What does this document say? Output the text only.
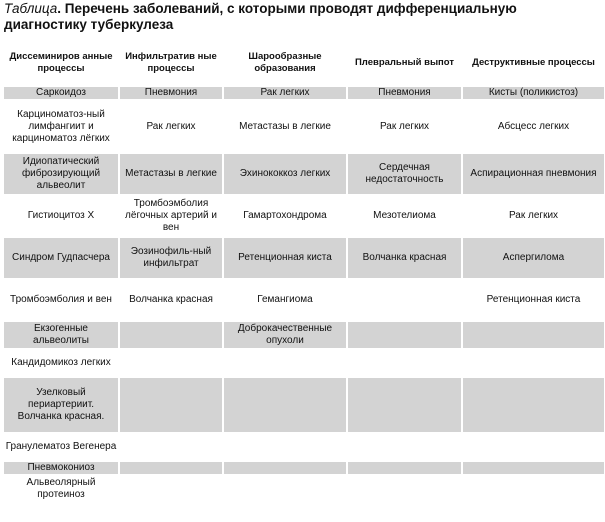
Таблица. Перечень заболеваний, с которыми проводят дифференциальную диагностику туберкулеза
Диссеминиров анные процессы	Инфильтратив ные процессы	Шарообразные образования	Плевральный выпот	Деструктивные процессы
Саркоидоз	Пневмония	Рак легких	Пневмония	Кисты (поликистоз)
Карциноматоз-ный лимфангиит и карциноматоз лёгких	Рак легких	Метастазы в легкие	Рак легких	Абсцесс легких
Идиопатический фиброзирующий альвеолит	Метастазы в легкие	Эхинококкоз легких	Сердечная недостаточность	Аспирационная пневмония
Гистиоцитоз Х	Тромбоэмболия лёгочных артерий и вен	Гамартохондрома	Мезотелиома	Рак легких
Синдром Гудпасчера	Эозинофиль-ный инфильтрат	Ретенционная киста	Волчанка красная	Аспергилома
Тромбоэмболия и вен	Волчанка красная	Гемангиома		Ретенционная киста
Екзогенные альвеолиты		Доброкачественные опухоли		
Кандидомикоз легких				
Узелковый периартериит. Волчанка красная.				
Гранулематоз Вегенера				
Пневмокониоз				
Альвеолярный протеиноз				
